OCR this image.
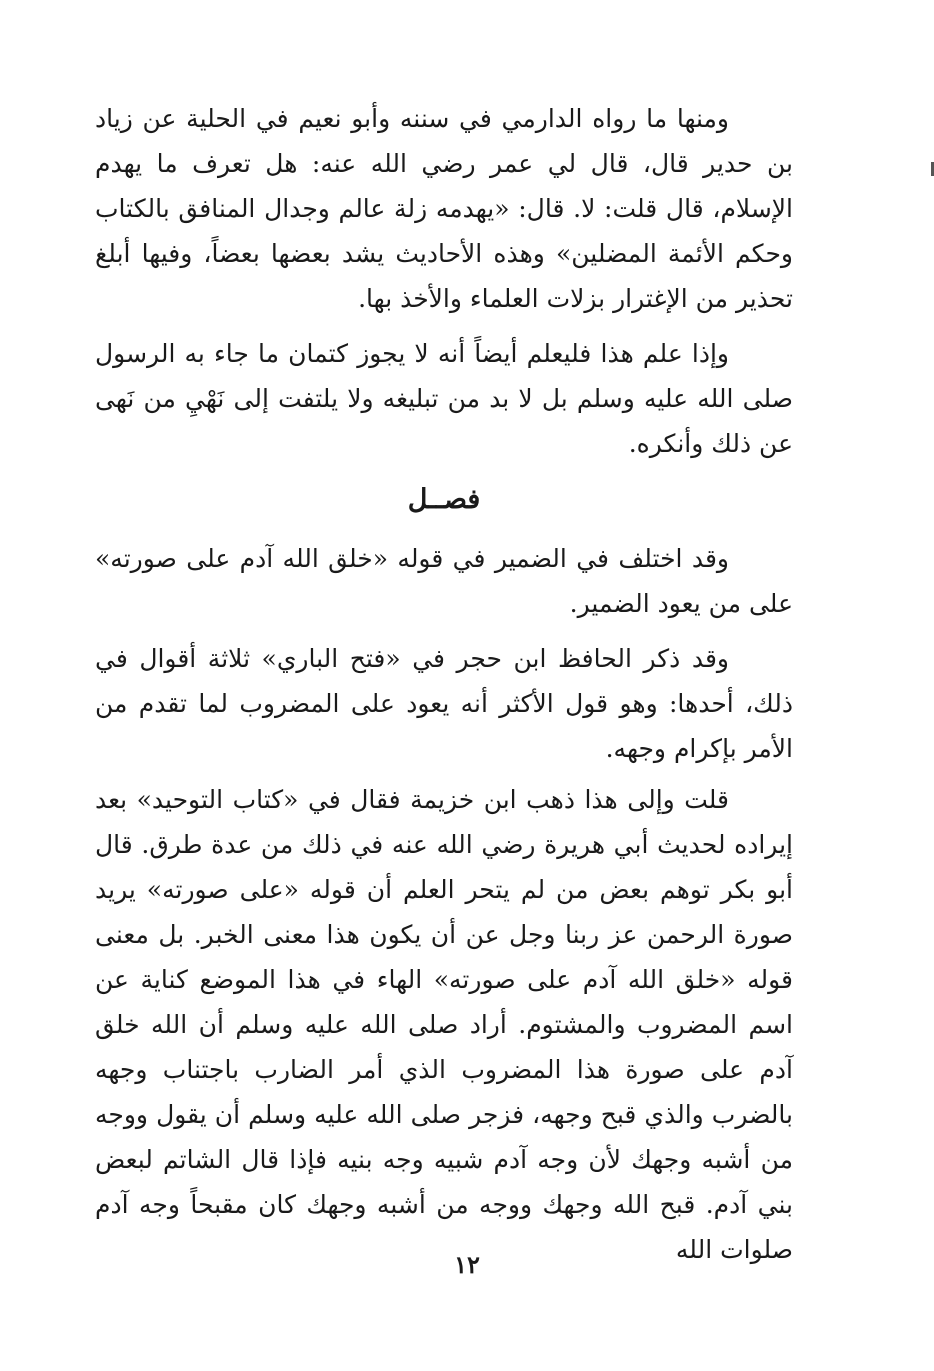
ومنها ما رواه الدارمي في سننه وأبو نعيم في الحلية عن زياد بن حدير قال، قال لي عمر رضي الله عنه: هل تعرف ما يهدم الإسلام، قال قلت: لا. قال: «يهدمه زلة عالم وجدال المنافق بالكتاب وحكم الأئمة المضلين» وهذه الأحاديث يشد بعضها بعضاً، وفيها أبلغ تحذير من الإغترار بزلات العلماء والأخذ بها.

وإذا علم هذا فليعلم أيضاً أنه لا يجوز كتمان ما جاء به الرسول صلى الله عليه وسلم بل لا بد من تبليغه ولا يلتفت إلى نَهْيِ من نَهى عن ذلك وأنكره.

فصــل

وقد اختلف في الضمير في قوله «خلق الله آدم على صورته» على من يعود الضمير.

وقد ذكر الحافظ ابن حجر في «فتح الباري» ثلاثة أقوال في ذلك، أحدها: وهو قول الأكثر أنه يعود على المضروب لما تقدم من الأمر بإكرام وجهه.

قلت وإلى هذا ذهب ابن خزيمة فقال في «كتاب التوحيد» بعد إيراده لحديث أبي هريرة رضي الله عنه في ذلك من عدة طرق. قال أبو بكر توهم بعض من لم يتحر العلم أن قوله «على صورته» يريد صورة الرحمن عز ربنا وجل عن أن يكون هذا معنى الخبر. بل معنى قوله «خلق الله آدم على صورته» الهاء في هذا الموضع كناية عن اسم المضروب والمشتوم. أراد صلى الله عليه وسلم أن الله خلق آدم على صورة هذا المضروب الذي أمر الضارب باجتناب وجهه بالضرب والذي قبح وجهه، فزجر صلى الله عليه وسلم أن يقول ووجه من أشبه وجهك لأن وجه آدم شبيه وجه بنيه فإذا قال الشاتم لبعض بني آدم. قبح الله وجهك ووجه من أشبه وجهك كان مقبحاً وجه آدم صلوات الله

١٢
